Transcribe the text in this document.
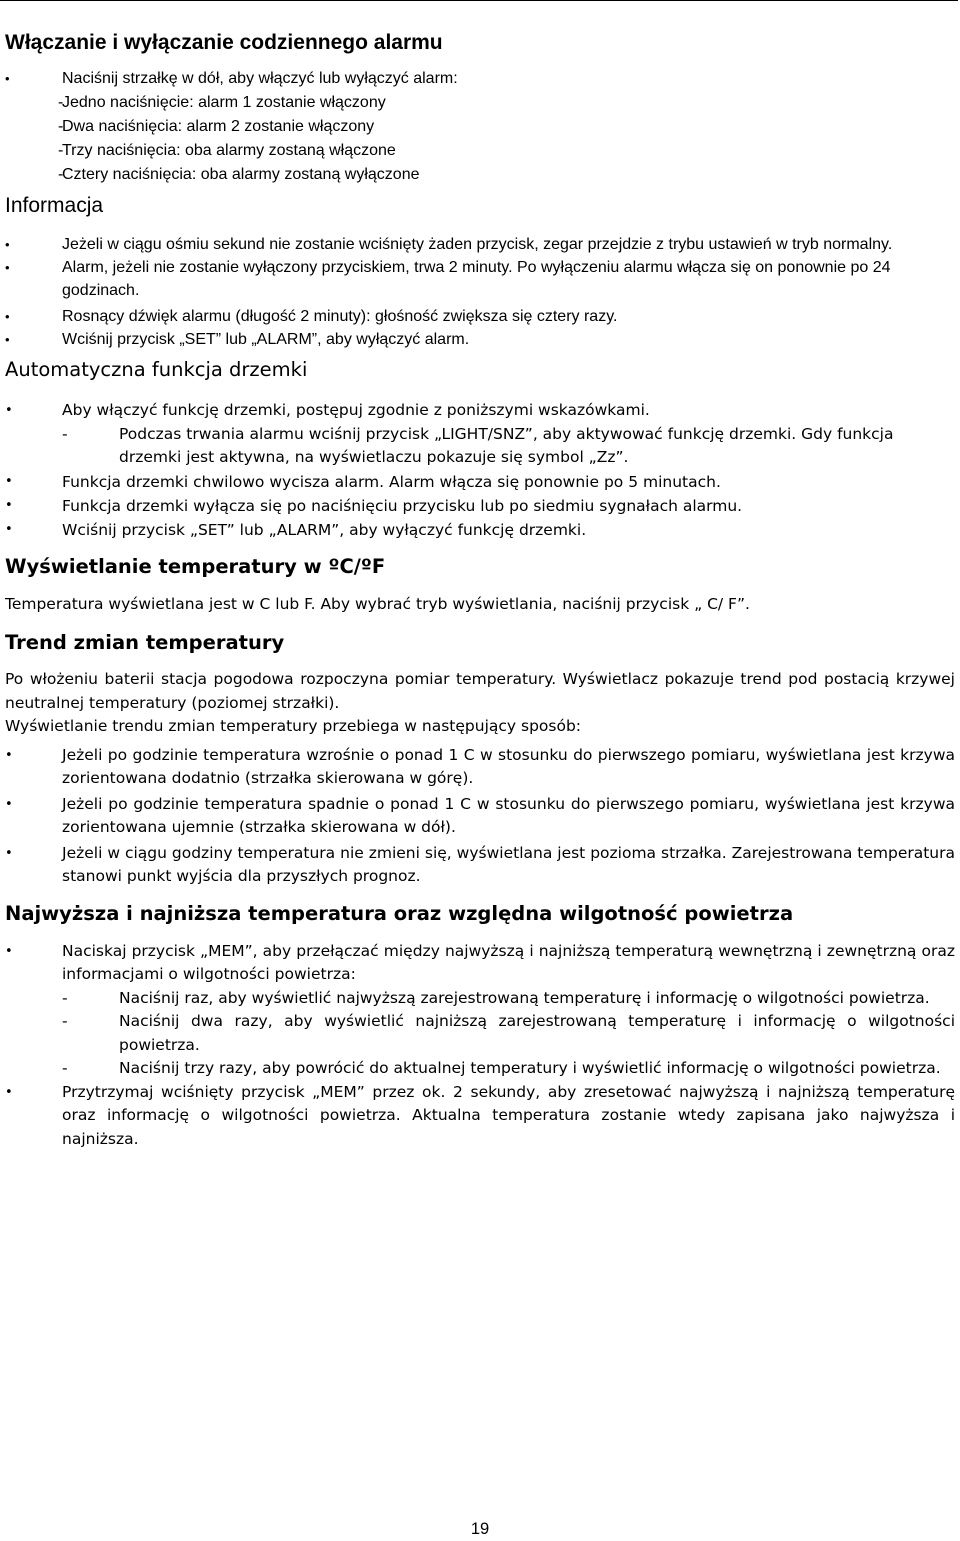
Włączanie i wyłączanie codziennego alarmu
•	Naciśnij strzałkę w dół, aby włączyć lub wyłączyć alarm:
-
Jedno naciśnięcie: alarm 1 zostanie włączony
-
Dwa naciśnięcia: alarm 2 zostanie włączony
-
Trzy naciśnięcia: oba alarmy zostaną włączone
-
Cztery naciśnięcia: oba alarmy zostaną wyłączone
Informacja
•	Jeżeli w ciągu ośmiu sekund nie zostanie wciśnięty żaden przycisk, zegar przejdzie z trybu ustawień w tryb normalny.
•	Alarm, jeżeli nie zostanie wyłączony przyciskiem, trwa 2 minuty. Po wyłączeniu alarmu włącza się on ponownie po 24 godzinach.
•	Rosnący dźwięk alarmu (długość 2 minuty): głośność zwiększa się cztery razy.
•	Wciśnij przycisk „SET” lub „ALARM”, aby wyłączyć alarm.
Automatyczna funkcja drzemki
•	Aby włączyć funkcję drzemki, postępuj zgodnie z poniższymi wskazówkami.
-	Podczas trwania alarmu wciśnij przycisk „LIGHT/SNZ”, aby aktywować funkcję drzemki. Gdy funkcja drzemki jest aktywna, na wyświetlaczu pokazuje się symbol „Zz”.
•	Funkcja drzemki chwilowo wycisza alarm. Alarm włącza się ponownie po 5 minutach.
•	Funkcja drzemki wyłącza się po naciśnięciu przycisku lub po siedmiu sygnałach alarmu.
•	Wciśnij przycisk „SET” lub „ALARM”, aby wyłączyć funkcję drzemki.
Wyświetlanie temperatury w ºC/ºF

Temperatura wyświetlana jest w C lub F. Aby wybrać tryb wyświetlania, naciśnij przycisk „ C/ F”.

Trend zmian temperatury

Po włożeniu baterii stacja pogodowa rozpoczyna pomiar temperatury. Wyświetlacz pokazuje trend pod postacią krzywej neutralnej temperatury (poziomej strzałki).

Wyświetlanie trendu zmian temperatury przebiega w następujący sposób:

•	Jeżeli po godzinie temperatura wzrośnie o ponad 1 C w stosunku do pierwszego pomiaru, wyświetlana jest krzywa zorientowana dodatnio (strzałka skierowana w górę).
•	Jeżeli po godzinie temperatura spadnie o ponad 1 C w stosunku do pierwszego pomiaru, wyświetlana jest krzywa zorientowana ujemnie (strzałka skierowana w dół).
•	Jeżeli w ciągu godziny temperatura nie zmieni się, wyświetlana jest pozioma strzałka. Zarejestrowana temperatura stanowi punkt wyjścia dla przyszłych prognoz.
Najwyższa i najniższa temperatura oraz względna wilgotność powietrza
•	Naciskaj przycisk „MEM”, aby przełączać między najwyższą i najniższą temperaturą wewnętrzną i zewnętrzną oraz informacjami o wilgotności powietrza:
-	Naciśnij raz, aby wyświetlić najwyższą zarejestrowaną temperaturę i informację o wilgotności powietrza.
-	Naciśnij dwa razy, aby wyświetlić najniższą zarejestrowaną temperaturę i informację o wilgotności powietrza.
-	Naciśnij trzy razy, aby powrócić do aktualnej temperatury i wyświetlić informację o wilgotności powietrza.
•	Przytrzymaj wciśnięty przycisk „MEM” przez ok. 2 sekundy, aby zresetować najwyższą i najniższą temperaturę oraz informację o wilgotności powietrza. Aktualna temperatura zostanie wtedy zapisana jako najwyższa i najniższa.
19
